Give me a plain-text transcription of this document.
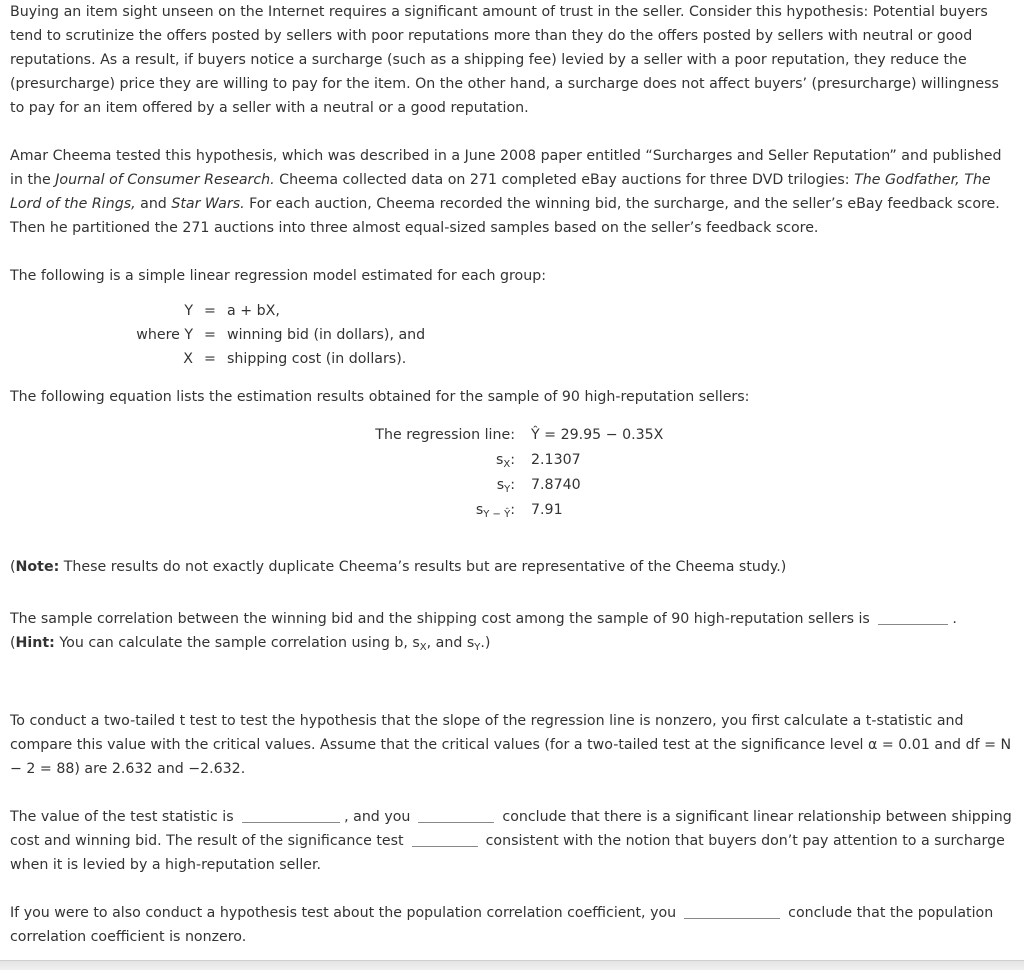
Buying an item sight unseen on the Internet requires a significant amount of trust in the seller. Consider this hypothesis: Potential buyers tend to scrutinize the offers posted by sellers with poor reputations more than they do the offers posted by sellers with neutral or good reputations. As a result, if buyers notice a surcharge (such as a shipping fee) levied by a seller with a poor reputation, they reduce the (presurcharge) price they are willing to pay for the item. On the other hand, a surcharge does not affect buyers’ (presurcharge) willingness to pay for an item offered by a seller with a neutral or a good reputation.

Amar Cheema tested this hypothesis, which was described in a June 2008 paper entitled “Surcharges and Seller Reputation” and published in the Journal of Consumer Research. Cheema collected data on 271 completed eBay auctions for three DVD trilogies: The Godfather, The Lord of the Rings, and Star Wars. For each auction, Cheema recorded the winning bid, the surcharge, and the seller’s eBay feedback score. Then he partitioned the 271 auctions into three almost equal-sized samples based on the seller’s feedback score.

The following is a simple linear regression model estimated for each group:

Y = a + bX,
where Y = winning bid (in dollars), and
X = shipping cost (in dollars).

The following equation lists the estimation results obtained for the sample of 90 high-reputation sellers:

The regression line:	Ŷ = 29.95 − 0.35X
$s_X$:	2.1307
$s_Y$:	7.8740
$s_{Y - Ŷ}$:	7.91

(Note: These results do not exactly duplicate Cheema’s results but are representative of the Cheema study.)

The sample correlation between the winning bid and the shipping cost among the sample of 90 high-reputation sellers is	.
(Hint: You can calculate the sample correlation using b, $s_X$, and $s_Y$.)

To conduct a two-tailed t test to test the hypothesis that the slope of the regression line is nonzero, you first calculate a t-statistic and compare this value with the critical values. Assume that the critical values (for a two-tailed test at the significance level α = 0.01 and df = N − 2 = 88) are 2.632 and −2.632.

The value of the test statistic is	, and you	conclude that there is a significant linear relationship between shipping cost and winning bid. The result of the significance test	consistent with the notion that buyers don’t pay attention to a surcharge when it is levied by a high-reputation seller.

If you were to also conduct a hypothesis test about the population correlation coefficient, you	conclude that the population correlation coefficient is nonzero.
